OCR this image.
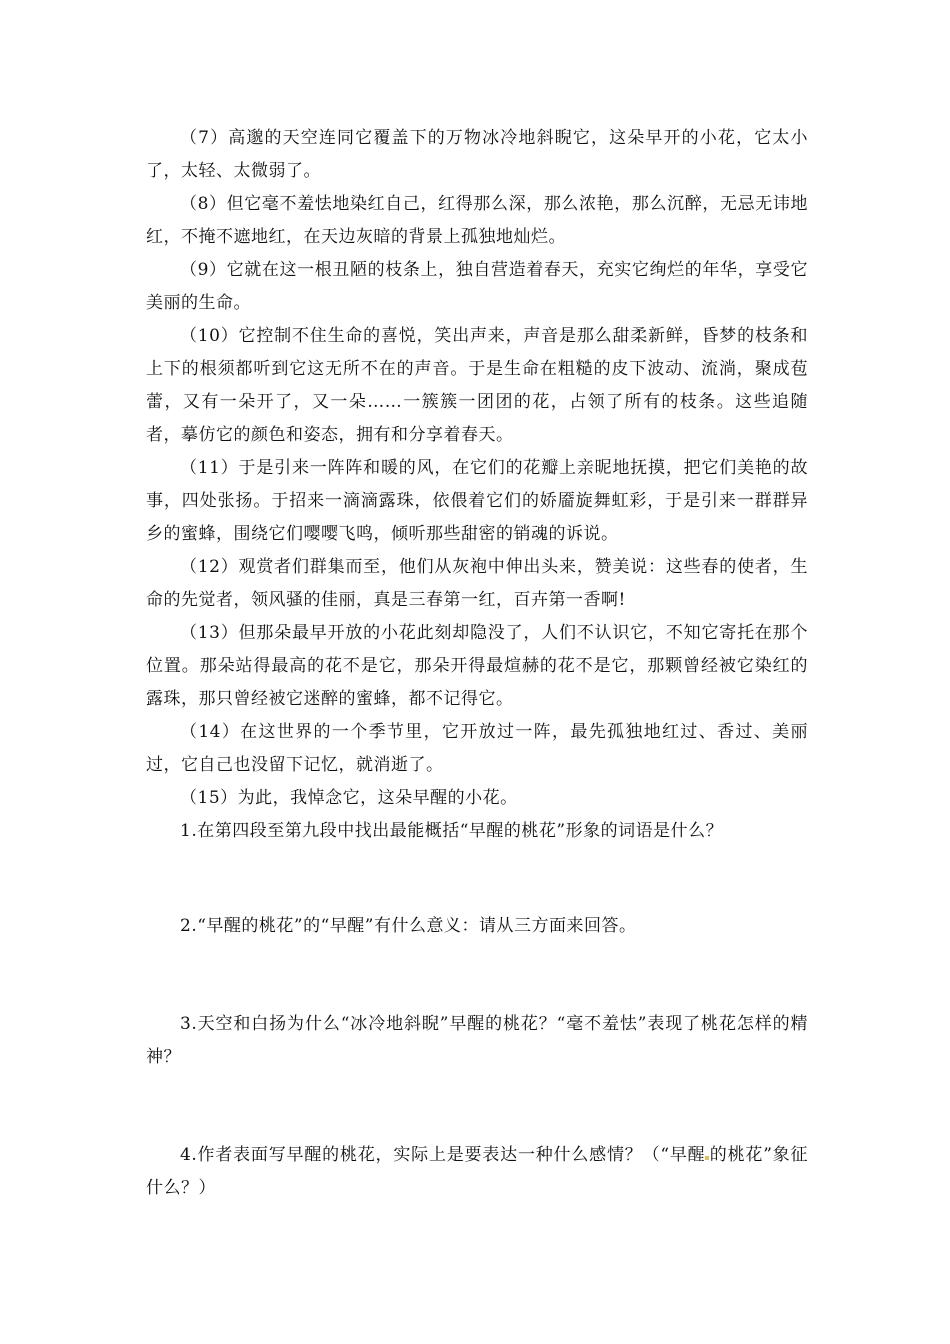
（7）高邈的天空连同它覆盖下的万物冰冷地斜睨它，这朵早开的小花，它太小了，太轻、太微弱了。

（8）但它毫不羞怯地染红自己，红得那么深，那么浓艳，那么沉醉，无忌无讳地红，不掩不遮地红，在天边灰暗的背景上孤独地灿烂。

（9）它就在这一根丑陋的枝条上，独自营造着春天，充实它绚烂的年华，享受它美丽的生命。

（10）它控制不住生命的喜悦，笑出声来，声音是那么甜柔新鲜，昏梦的枝条和上下的根须都听到它这无所不在的声音。于是生命在粗糙的皮下波动、流淌，聚成苞蕾，又有一朵开了，又一朵……一簇簇一团团的花，占领了所有的枝条。这些追随者，摹仿它的颜色和姿态，拥有和分享着春天。

（11）于是引来一阵阵和暖的风，在它们的花瓣上亲昵地抚摸，把它们美艳的故事，四处张扬。于招来一滴滴露珠，依偎着它们的娇靥旋舞虹彩，于是引来一群群异乡的蜜蜂，围绕它们嘤嘤飞鸣，倾听那些甜密的销魂的诉说。

（12）观赏者们群集而至，他们从灰袍中伸出头来，赞美说：这些春的使者，生命的先觉者，领风骚的佳丽，真是三春第一红，百卉第一香啊!

（13）但那朵最早开放的小花此刻却隐没了，人们不认识它，不知它寄托在那个位置。那朵站得最高的花不是它，那朵开得最煊赫的花不是它，那颗曾经被它染红的露珠，那只曾经被它迷醉的蜜蜂，都不记得它。

（14）在这世界的一个季节里，它开放过一阵，最先孤独地红过、香过、美丽过，它自己也没留下记忆，就消逝了。

（15）为此，我悼念它，这朵早醒的小花。

1.在第四段至第九段中找出最能概括“早醒的桃花”形象的词语是什么？

2.“早醒的桃花”的“早醒”有什么意义：请从三方面来回答。

3.天空和白扬为什么“冰冷地斜睨”早醒的桃花？“毫不羞怯”表现了桃花怎样的精神？

4.作者表面写早醒的桃花，实际上是要表达一种什么感情？（“早醒 的桃花”象征什么？）
